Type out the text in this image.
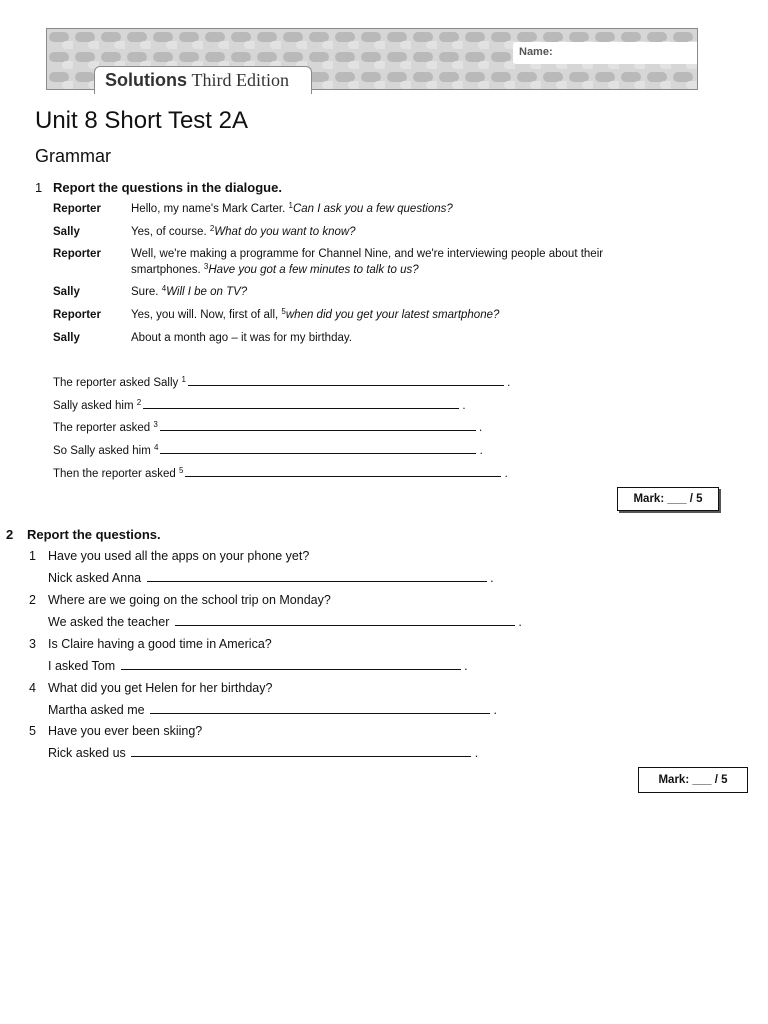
Name:
Solutions Third Edition
Unit 8 Short Test 2A
Grammar
1 Report the questions in the dialogue.
Reporter	Hello, my name's Mark Carter. $^1$Can I ask you a few questions?
Sally	Yes, of course. $^2$What do you want to know?
Reporter	Well, we're making a programme for Channel Nine, and we're interviewing people about their
smartphones. $^3$Have you got a few minutes to talk to us?
Sally	Sure. $^4$Will I be on TV?
Reporter	Yes, you will. Now, first of all, $^5$when did you get your latest smartphone?
Sally	About a month ago – it was for my birthday.
The reporter asked Sally $^1$	.
Sally asked him $^2$	.
The reporter asked $^3$	.
So Sally asked him $^4$	.
Then the reporter asked $^5$	.
Mark: ___ / 5
2 Report the questions.
1 Have you used all the apps on your phone yet?
Nick asked Anna	.
2 Where are we going on the school trip on Monday?
We asked the teacher	.
3 Is Claire having a good time in America?
I asked Tom	.
4 What did you get Helen for her birthday?
Martha asked me	.
5 Have you ever been skiing?
Rick asked us	.
Mark: ___ / 5
